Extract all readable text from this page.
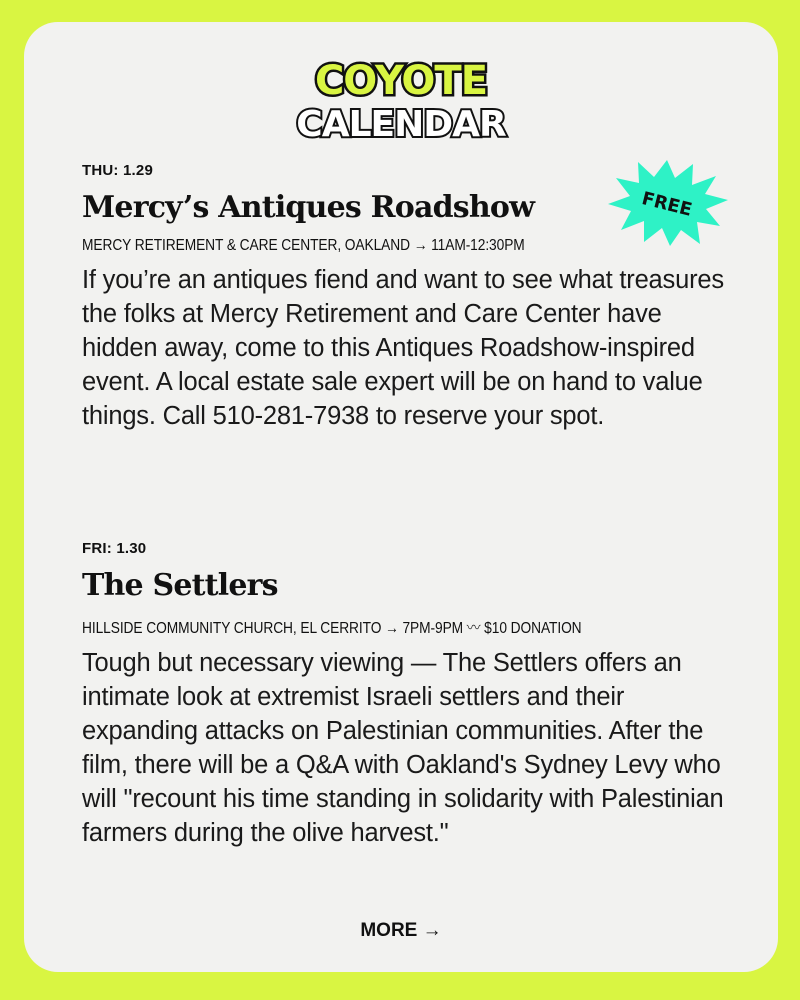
COYOTE
CALENDAR
FREE
THU: 1.29
Mercy’s Antiques Roadshow
MERCY RETIREMENT & CARE CENTER, OAKLAND → 11AM-12:30PM
If you’re an antiques fiend and want to see what treasures the folks at Mercy Retirement and Care Center have hidden away, come to this Antiques Roadshow-inspired event. A local estate sale expert will be on hand to value things. Call 510-281-7938 to reserve your spot.
FRI: 1.30
The Settlers
HILLSIDE COMMUNITY CHURCH, EL CERRITO → 7PM-9PM 〰 $10 DONATION
Tough but necessary viewing — The Settlers offers an intimate look at extremist Israeli settlers and their expanding attacks on Palestinian communities. After the film, there will be a Q&A with Oakland's Sydney Levy who will "recount his time standing in solidarity with Palestinian farmers during the olive harvest."
MORE →
